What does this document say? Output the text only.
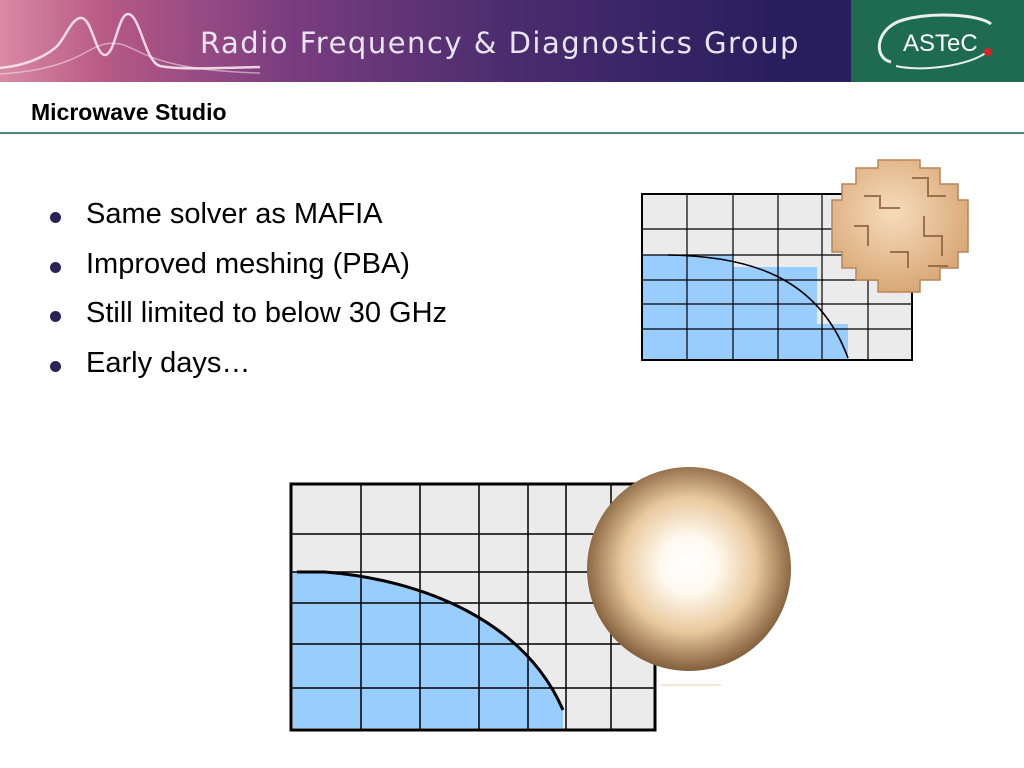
Radio Frequency & Diagnostics Group	ASTeC
Microwave Studio
Same solver as MAFIA
Improved meshing (PBA)
Still limited to below 30 GHz
Early days…
